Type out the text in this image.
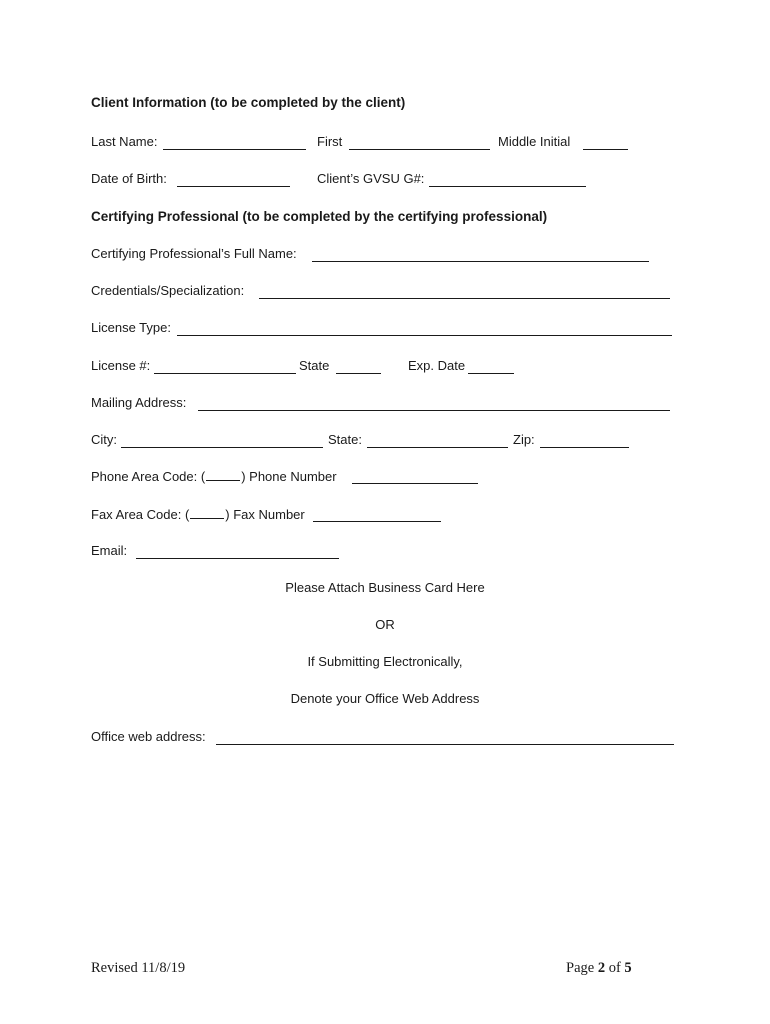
Client Information (to be completed by the client)
Last Name:	First	Middle Initial
Date of Birth:	Client’s GVSU G#:
Certifying Professional (to be completed by the certifying professional)
Certifying Professional’s Full Name:
Credentials/Specialization:
License Type:
License #:	State	Exp. Date
Mailing Address:
City:	State:	Zip:
Phone Area Code: (	) Phone Number
Fax Area Code: (	) Fax Number
Email:
Please Attach Business Card Here
OR
If Submitting Electronically,
Denote your Office Web Address
Office web address:
Revised 11/8/19	Page 2 of 5
